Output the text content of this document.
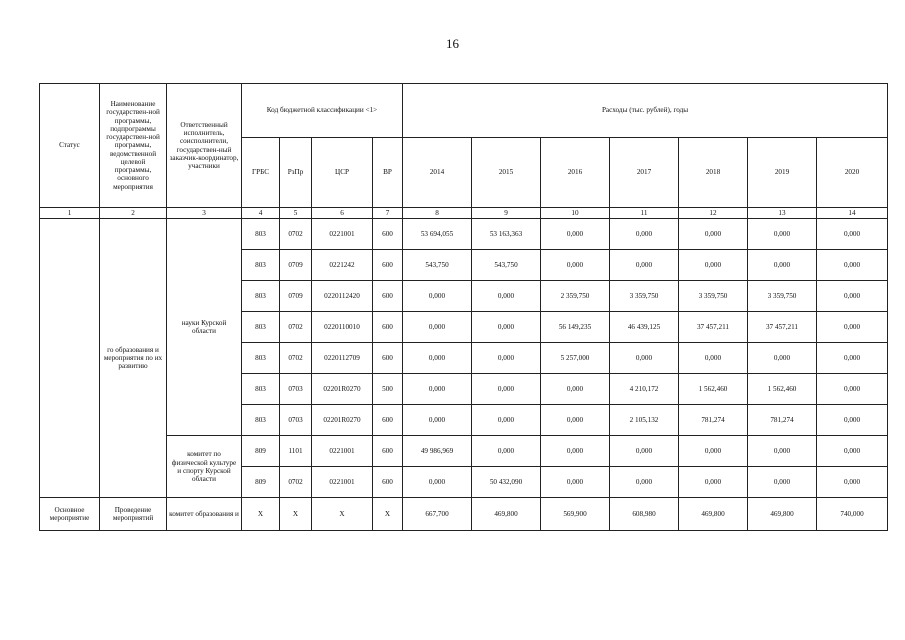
16
Статус	Наименование государствен-ной программы, подпрограммы государствен-ной программы, ведомственной целевой программы, основного мероприятия	Ответственный исполнитель, соисполнители, государствен-ный заказчик-координатор, участники	Код бюджетной классификации <1>				Расходы (тыс. рублей), годы						
			ГРБС	РзПр	ЦСР	ВР	2014	2015	2016	2017	2018	2019	2020
1	2	3	4	5	6	7	8	9	10	11	12	13	14
	го образования и мероприятия по их развитию	науки Курской области	803	0702	0221001	600	53 694,055	53 163,363	0,000	0,000	0,000	0,000	0,000
			803	0709	0221242	600	543,750	543,750	0,000	0,000	0,000	0,000	0,000
			803	0709	0220112420	600	0,000	0,000	2 359,750	3 359,750	3 359,750	3 359,750	0,000
			803	0702	0220110010	600	0,000	0,000	56 149,235	46 439,125	37 457,211	37 457,211	0,000
			803	0702	0220112709	600	0,000	0,000	5 257,000	0,000	0,000	0,000	0,000
			803	0703	02201R0270	500	0,000	0,000	0,000	4 210,172	1 562,460	1 562,460	0,000
			803	0703	02201R0270	600	0,000	0,000	0,000	2 105,132	781,274	781,274	0,000
		комитет по физической культуре и спорту Курской области	809	1101	0221001	600	49 986,969	0,000	0,000	0,000	0,000	0,000	0,000
			809	0702	0221001	600	0,000	50 432,090	0,000	0,000	0,000	0,000	0,000
Основное мероприятие	Проведение мероприятий	комитет образования и	Х	Х	Х	Х	667,700	469,800	569,900	608,980	469,800	469,800	740,000
